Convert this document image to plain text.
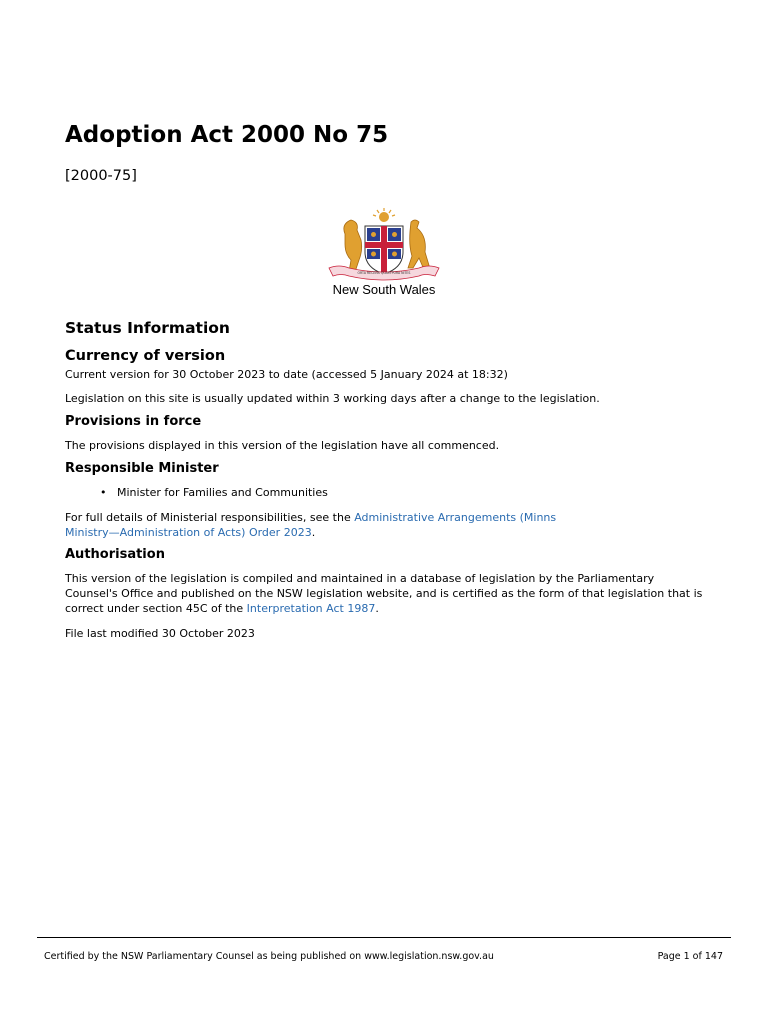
Adoption Act 2000 No 75
[2000-75]
ORTA RECENS QUAM PURA NITES
New South Wales
Status Information
Currency of version

Current version for 30 October 2023 to date (accessed 5 January 2024 at 18:32)

Legislation on this site is usually updated within 3 working days after a change to the legislation.

Provisions in force

The provisions displayed in this version of the legislation have all commenced.

Responsible Minister
• Minister for Families and Communities

For full details of Ministerial responsibilities, see the Administrative Arrangements (Minns Ministry—Administration of Acts) Order 2023.

Authorisation

This version of the legislation is compiled and maintained in a database of legislation by the Parliamentary Counsel's Office and published on the NSW legislation website, and is certified as the form of that legislation that is correct under section 45C of the Interpretation Act 1987.

File last modified 30 October 2023

Certified by the NSW Parliamentary Counsel as being published on www.legislation.nsw.gov.au	Page 1 of 147
